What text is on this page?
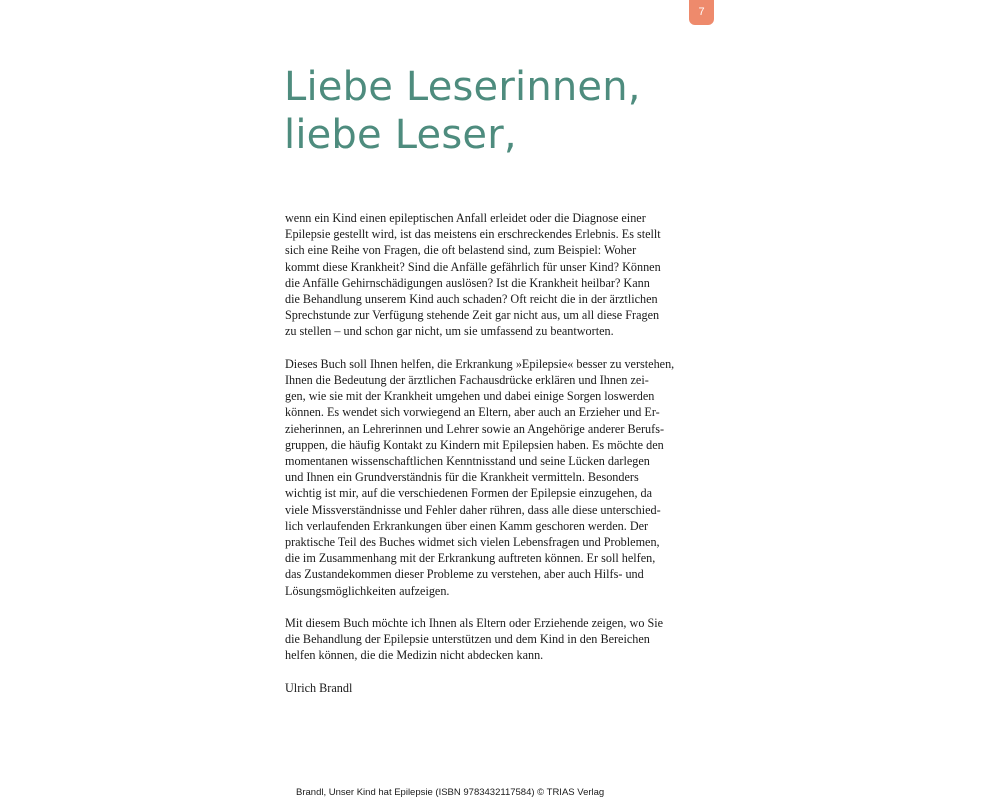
7
Liebe Leserinnen,
liebe Leser,

wenn ein Kind einen epileptischen Anfall erleidet oder die Diagnose einer
Epilepsie gestellt wird, ist das meistens ein erschreckendes Erlebnis. Es stellt
sich eine Reihe von Fragen, die oft belastend sind, zum Beispiel: Woher
kommt diese Krankheit? Sind die Anfälle gefährlich für unser Kind? Können
die Anfälle Gehirnschädigungen auslösen? Ist die Krankheit heilbar? Kann
die Behandlung unserem Kind auch schaden? Oft reicht die in der ärztlichen
Sprechstunde zur Verfügung stehende Zeit gar nicht aus, um all diese Fragen
zu stellen – und schon gar nicht, um sie umfassend zu beantworten.

Dieses Buch soll Ihnen helfen, die Erkrankung »Epilepsie« besser zu verstehen,
Ihnen die Bedeutung der ärztlichen Fachausdrücke erklären und Ihnen zei-
gen, wie sie mit der Krankheit umgehen und dabei einige Sorgen loswerden
können. Es wendet sich vorwiegend an Eltern, aber auch an Erzieher und Er-
zieherinnen, an Lehrerinnen und Lehrer sowie an Angehörige anderer Berufs-
gruppen, die häufig Kontakt zu Kindern mit Epilepsien haben. Es möchte den
momentanen wissenschaftlichen Kenntnisstand und seine Lücken darlegen
und Ihnen ein Grundverständnis für die Krankheit vermitteln. Besonders
wichtig ist mir, auf die verschiedenen Formen der Epilepsie einzugehen, da
viele Missverständnisse und Fehler daher rühren, dass alle diese unterschied-
lich verlaufenden Erkrankungen über einen Kamm geschoren werden. Der
praktische Teil des Buches widmet sich vielen Lebensfragen und Problemen,
die im Zusammenhang mit der Erkrankung auftreten können. Er soll helfen,
das Zustandekommen dieser Probleme zu verstehen, aber auch Hilfs- und
Lösungsmöglichkeiten aufzeigen.

Mit diesem Buch möchte ich Ihnen als Eltern oder Erziehende zeigen, wo Sie
die Behandlung der Epilepsie unterstützen und dem Kind in den Bereichen
helfen können, die die Medizin nicht abdecken kann.

Ulrich Brandl

Brandl, Unser Kind hat Epilepsie (ISBN 9783432117584) © TRIAS Verlag
